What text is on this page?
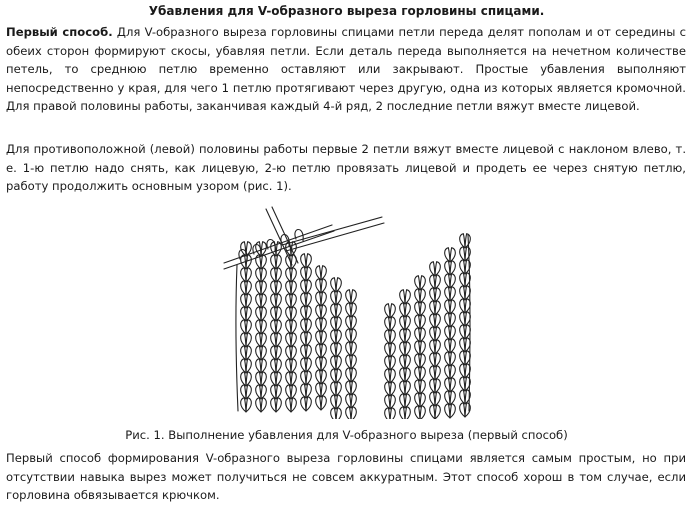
Убавления для V-образного выреза горловины спицами.

Первый способ. Для V-образного выреза горловины спицами петли переда делят пополам и от середины с обеих сторон формируют скосы, убавляя петли. Если деталь переда выполняется на нечетном количестве петель, то среднюю петлю временно оставляют или закрывают. Простые убавления выполняют непосредственно у края, для чего 1 петлю протягивают через другую, одна из которых является кромочной. Для правой половины работы, заканчивая каждый 4-й ряд, 2 последние петли вяжут вместе лицевой.

Для противоположной (левой) половины работы первые 2 петли вяжут вместе лицевой с наклоном влево, т. е. 1-ю петлю надо снять, как лицевую, 2-ю петлю провязать лицевой и продеть ее через снятую петлю, работу продолжить основным узором (рис. 1).

Рис. 1. Выполнение убавления для V-образного выреза (первый способ)

Первый способ формирования V-образного выреза горловины спицами является самым простым, но при отсутствии навыка вырез может получиться не совсем аккуратным. Этот способ хорош в том случае, если горловина обвязывается крючком.
